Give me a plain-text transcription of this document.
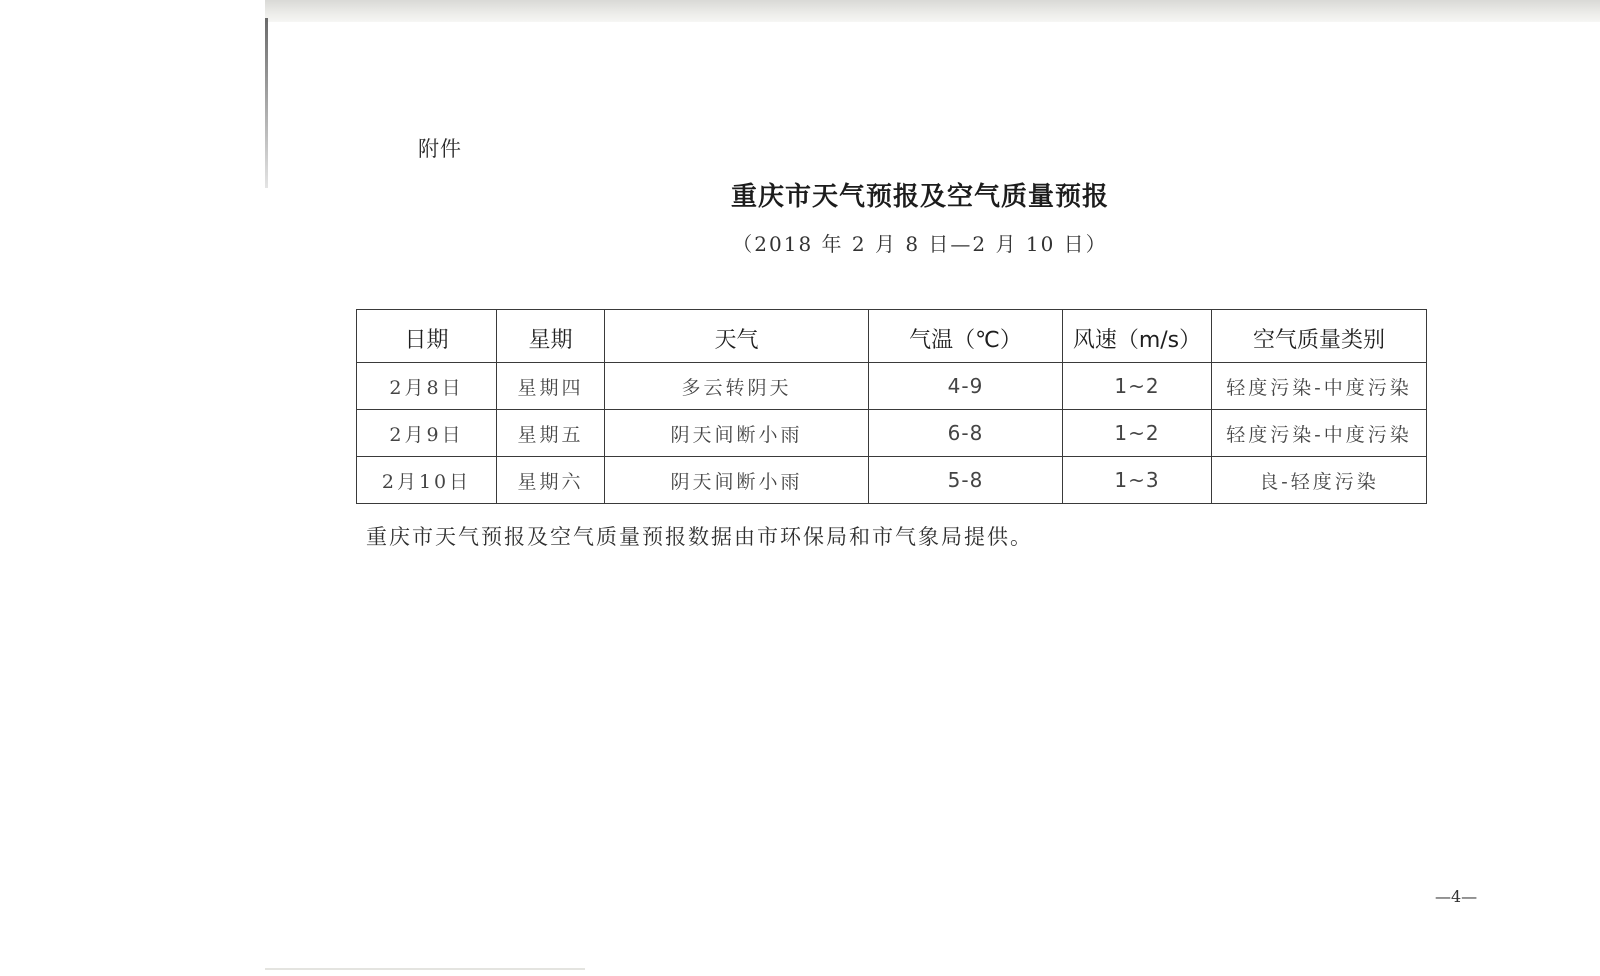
附件
重庆市天气预报及空气质量预报
（2018 年 2 月 8 日—2 月 10 日）
日期	星期	天气	气温（℃）	风速（m/s）	空气质量类别
2月8日	星期四	多云转阴天	4-9	1~2	轻度污染-中度污染
2月9日	星期五	阴天间断小雨	6-8	1~2	轻度污染-中度污染
2月10日	星期六	阴天间断小雨	5-8	1~3	良-轻度污染
重庆市天气预报及空气质量预报数据由市环保局和市气象局提供。
—4—
